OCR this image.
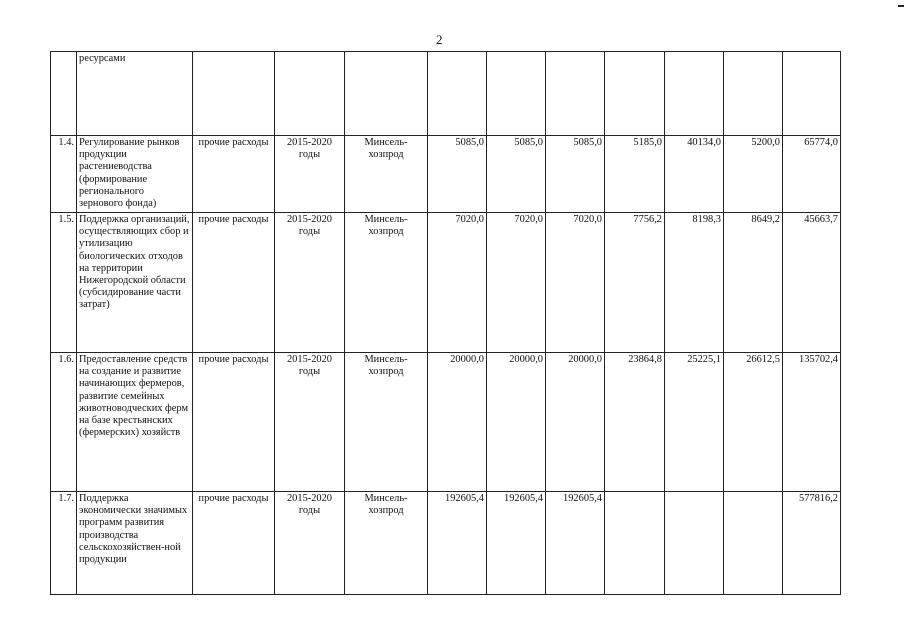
2
	ресурсами										
1.4.	Регулирование рынков продукции растениеводства (формирование регионального зернового фонда)	прочие расходы	2015-2020 годы	Минсель-хозпрод	5085,0	5085,0	5085,0	5185,0	40134,0	5200,0	65774,0
1.5.	Поддержка организаций, осуществляющих сбор и утилизацию биологических отходов на территории Нижегородской области (субсидирование части затрат)	прочие расходы	2015-2020 годы	Минсель-хозпрод	7020,0	7020,0	7020,0	7756,2	8198,3	8649,2	45663,7
1.6.	Предоставление средств на создание и развитие начинающих фермеров, развитие семейных животноводческих ферм на базе крестьянских (фермерских) хозяйств	прочие расходы	2015-2020 годы	Минсель-хозпрод	20000,0	20000,0	20000,0	23864,8	25225,1	26612,5	135702,4
1.7.	Поддержка экономически значимых программ развития производства сельскохозяйствен-ной продукции	прочие расходы	2015-2020 годы	Минсель-хозпрод	192605,4	192605,4	192605,4				577816,2
